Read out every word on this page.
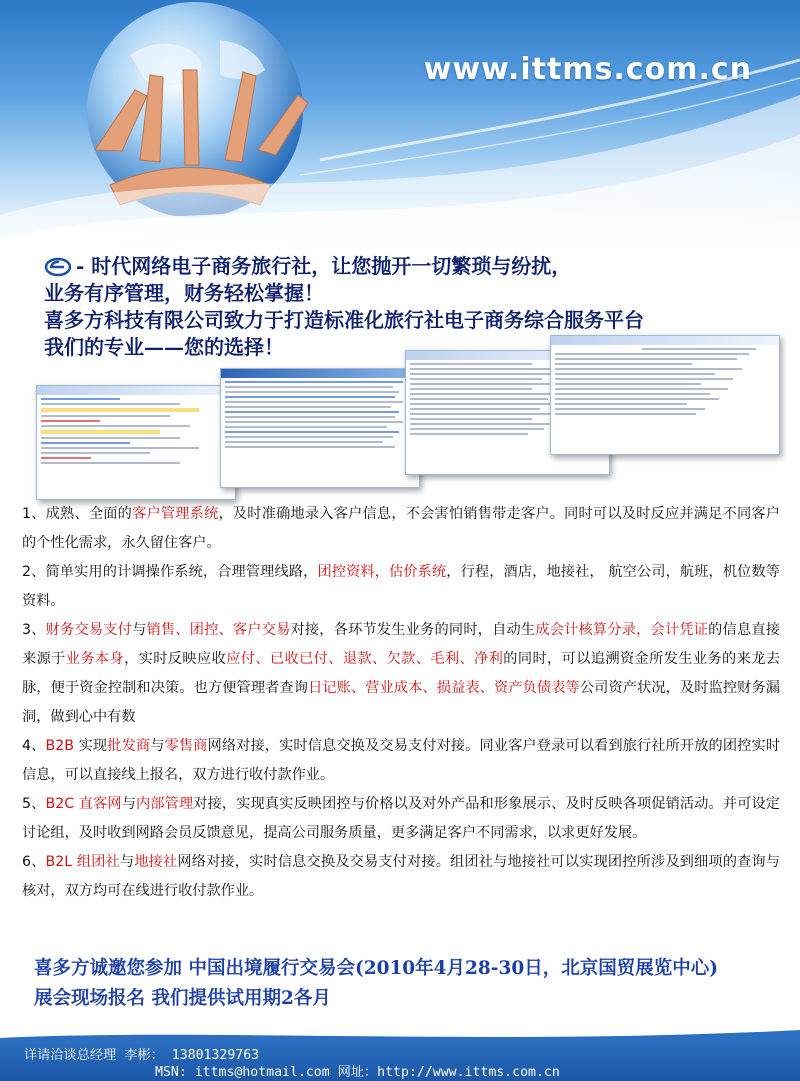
www.ittms.com.cn
- 时代网络电子商务旅行社，让您抛开一切繁琐与纷扰，
业务有序管理，财务轻松掌握！
喜多方科技有限公司致力于打造标准化旅行社电子商务综合服务平台
我们的专业——您的选择！

1、成熟、全面的客户管理系统，及时准确地录入客户信息，不会害怕销售带走客户。同时可以及时反应并满足不同客户的个性化需求，永久留住客户。

2、简单实用的计调操作系统，合理管理线路，团控资料，估价系统，行程，酒店，地接社， 航空公司，航班，机位数等资料。

3、财务交易支付与销售、团控、客户交易对接，各环节发生业务的同时，自动生成会计核算分录，会计凭证的信息直接来源于业务本身，实时反映应收应付、已收已付、退款、欠款、毛利、净利的同时，可以追溯资金所发生业务的来龙去脉，便于资金控制和决策。也方便管理者查询日记账、营业成本、损益表、资产负债表等公司资产状况，及时监控财务漏洞，做到心中有数

4、B2B 实现批发商与零售商网络对接，实时信息交换及交易支付对接。同业客户登录可以看到旅行社所开放的团控实时信息，可以直接线上报名，双方进行收付款作业。

5、B2C 直客网与内部管理对接，实现真实反映团控与价格以及对外产品和形象展示、及时反映各项促销活动。并可设定讨论组，及时收到网路会员反馈意见，提高公司服务质量，更多满足客户不同需求，以求更好发展。

6、B2L 组团社与地接社网络对接，实时信息交换及交易支付对接。组团社与地接社可以实现团控所涉及到细项的查询与核对，双方均可在线进行收付款作业。

喜多方诚邀您参加 中国出境履行交易会(2010年4月28-30日，北京国贸展览中心)
展会现场报名 我们提供试用期2各月
详请洽谈总经理 李彬： 13801329763
MSN: ittms@hotmail.com 网址：http://www.ittms.com.cn
